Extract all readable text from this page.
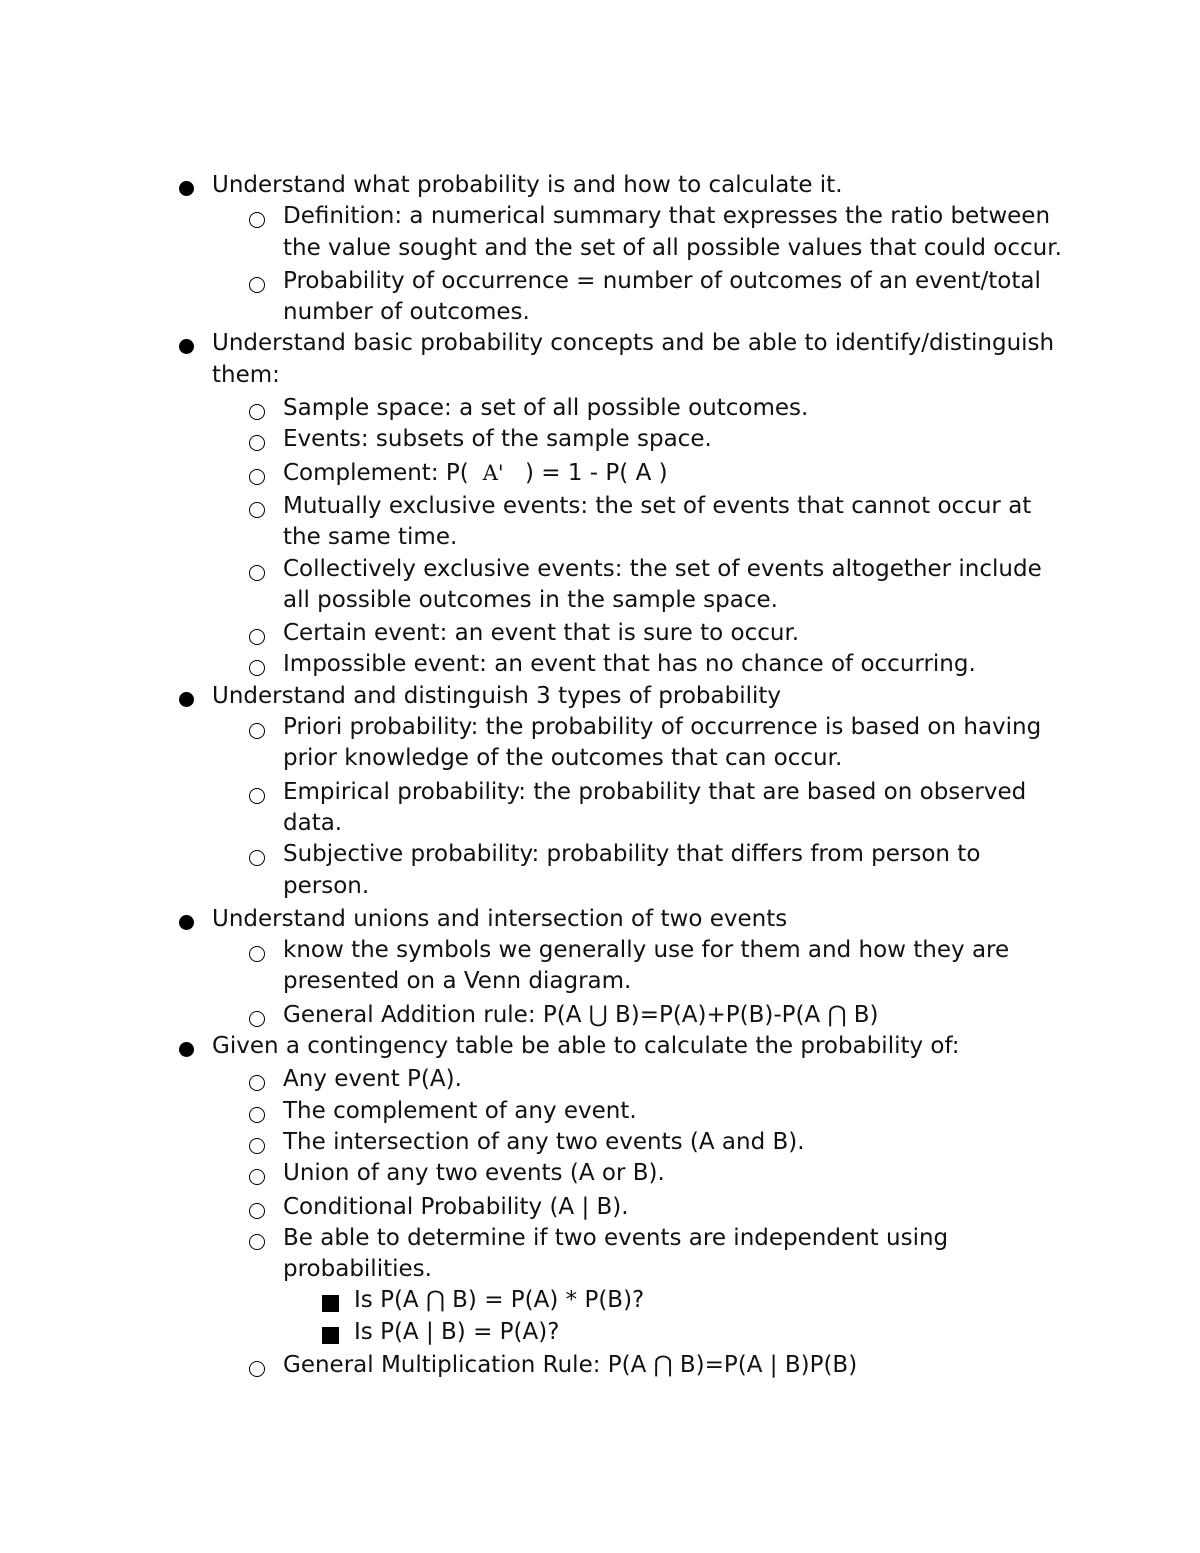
Understand what probability is and how to calculate it.
Definition: a numerical summary that expresses the ratio between the value sought and the set of all possible values that could occur.
Probability of occurrence = number of outcomes of an event/total number of outcomes.
Understand basic probability concepts and be able to identify/distinguish them:
Sample space: a set of all possible outcomes.
Events: subsets of the sample space.
Complement: P( A' ) = 1 - P( A )
Mutually exclusive events: the set of events that cannot occur at the same time.
Collectively exclusive events: the set of events altogether include all possible outcomes in the sample space.
Certain event: an event that is sure to occur.
Impossible event: an event that has no chance of occurring.
Understand and distinguish 3 types of probability
Priori probability: the probability of occurrence is based on having prior knowledge of the outcomes that can occur.
Empirical probability: the probability that are based on observed data.
Subjective probability: probability that differs from person to person.
Understand unions and intersection of two events
know the symbols we generally use for them and how they are presented on a Venn diagram.
General Addition rule: P(A ⋃ B)=P(A)+P(B)-P(A ⋂ B)
Given a contingency table be able to calculate the probability of:
Any event P(A).
The complement of any event.
The intersection of any two events (A and B).
Union of any two events (A or B).
Conditional Probability (A | B).
Be able to determine if two events are independent using probabilities.
Is P(A ⋂ B) = P(A) * P(B)?
Is P(A | B) = P(A)?
General Multiplication Rule: P(A ⋂ B)=P(A | B)P(B)
